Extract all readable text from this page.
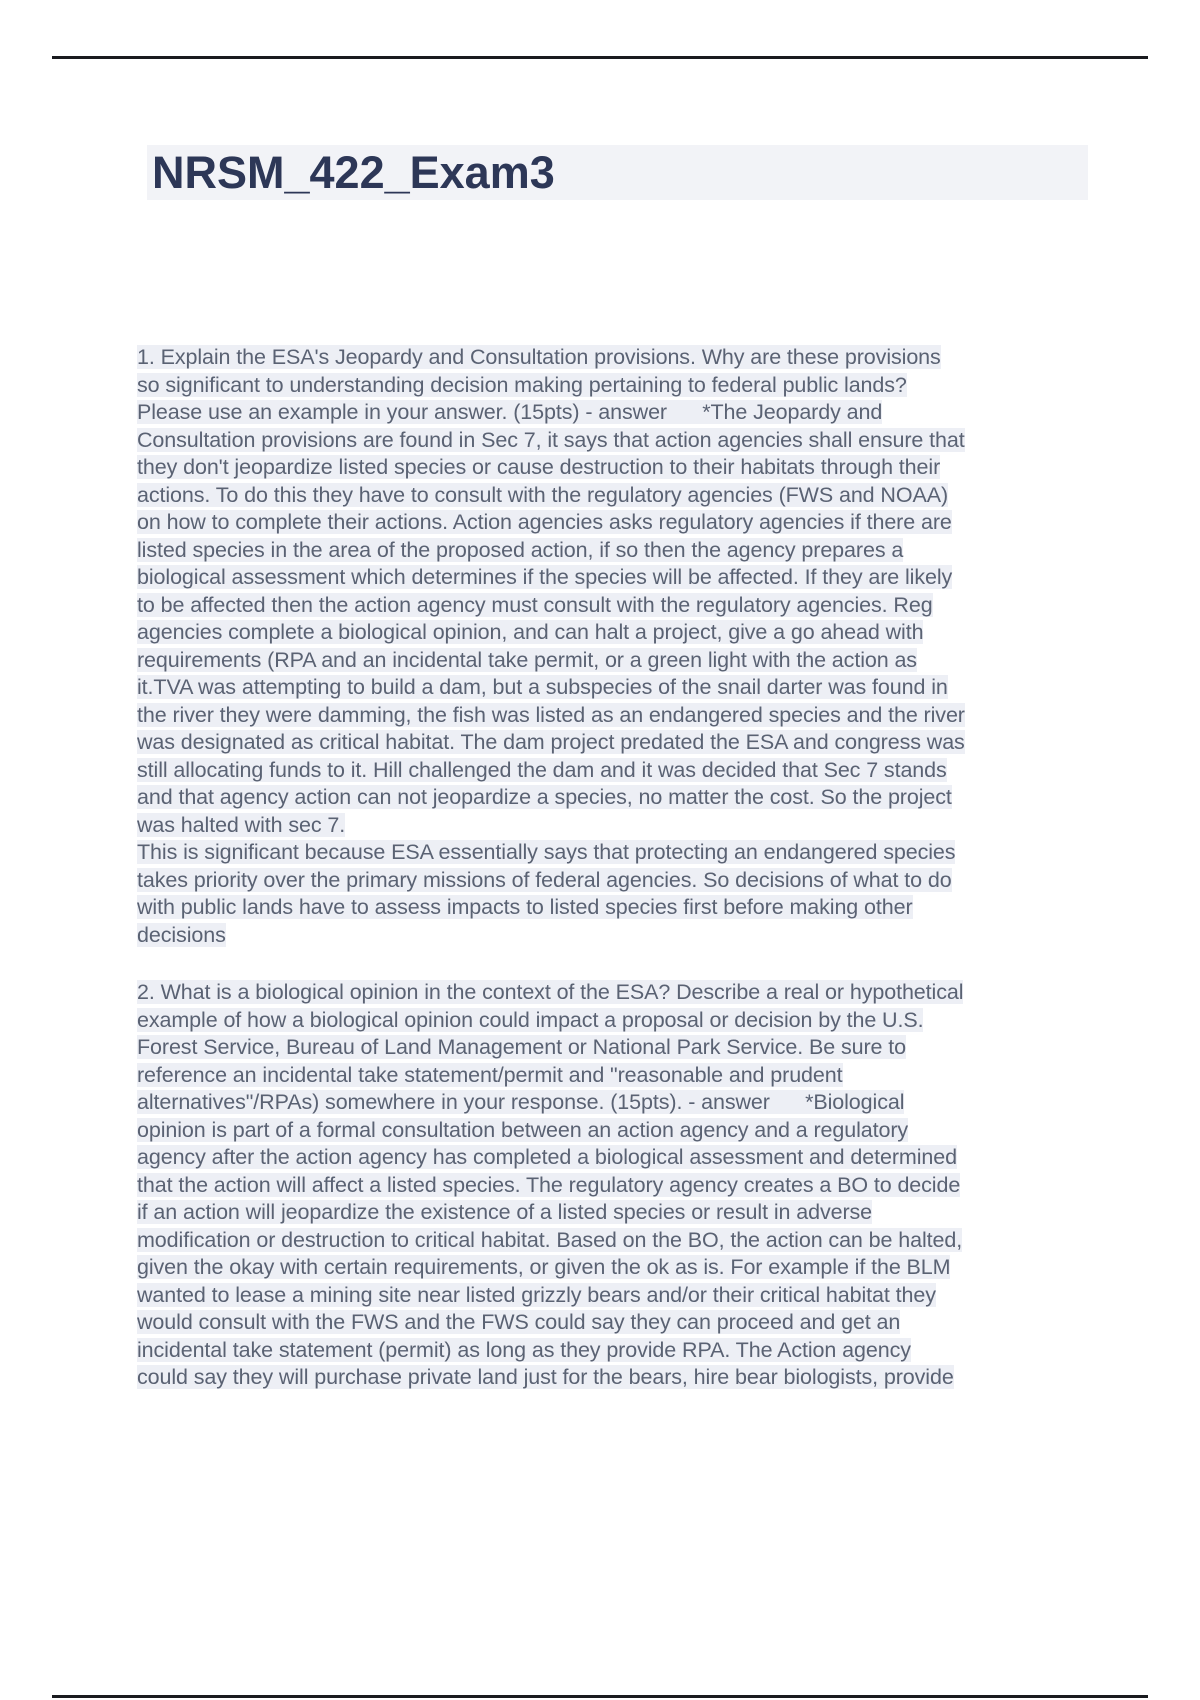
NRSM_422_Exam3
1. Explain the ESA's Jeopardy and Consultation provisions. Why are these provisions
so significant to understanding decision making pertaining to federal public lands?
Please use an example in your answer. (15pts) - answer      *The Jeopardy and
Consultation provisions are found in Sec 7, it says that action agencies shall ensure that
they don't jeopardize listed species or cause destruction to their habitats through their
actions. To do this they have to consult with the regulatory agencies (FWS and NOAA)
on how to complete their actions. Action agencies asks regulatory agencies if there are
listed species in the area of the proposed action, if so then the agency prepares a
biological assessment which determines if the species will be affected. If they are likely
to be affected then the action agency must consult with the regulatory agencies. Reg
agencies complete a biological opinion, and can halt a project, give a go ahead with
requirements (RPA and an incidental take permit, or a green light with the action as
it.TVA was attempting to build a dam, but a subspecies of the snail darter was found in
the river they were damming, the fish was listed as an endangered species and the river
was designated as critical habitat. The dam project predated the ESA and congress was
still allocating funds to it. Hill challenged the dam and it was decided that Sec 7 stands
and that agency action can not jeopardize a species, no matter the cost. So the project
was halted with sec 7.
This is significant because ESA essentially says that protecting an endangered species
takes priority over the primary missions of federal agencies. So decisions of what to do
with public lands have to assess impacts to listed species first before making other
decisions
2. What is a biological opinion in the context of the ESA? Describe a real or hypothetical
example of how a biological opinion could impact a proposal or decision by the U.S.
Forest Service, Bureau of Land Management or National Park Service. Be sure to
reference an incidental take statement/permit and "reasonable and prudent
alternatives"/RPAs) somewhere in your response. (15pts). - answer      *Biological
opinion is part of a formal consultation between an action agency and a regulatory
agency after the action agency has completed a biological assessment and determined
that the action will affect a listed species. The regulatory agency creates a BO to decide
if an action will jeopardize the existence of a listed species or result in adverse
modification or destruction to critical habitat. Based on the BO, the action can be halted,
given the okay with certain requirements, or given the ok as is. For example if the BLM
wanted to lease a mining site near listed grizzly bears and/or their critical habitat they
would consult with the FWS and the FWS could say they can proceed and get an
incidental take statement (permit) as long as they provide RPA. The Action agency
could say they will purchase private land just for the bears, hire bear biologists, provide
